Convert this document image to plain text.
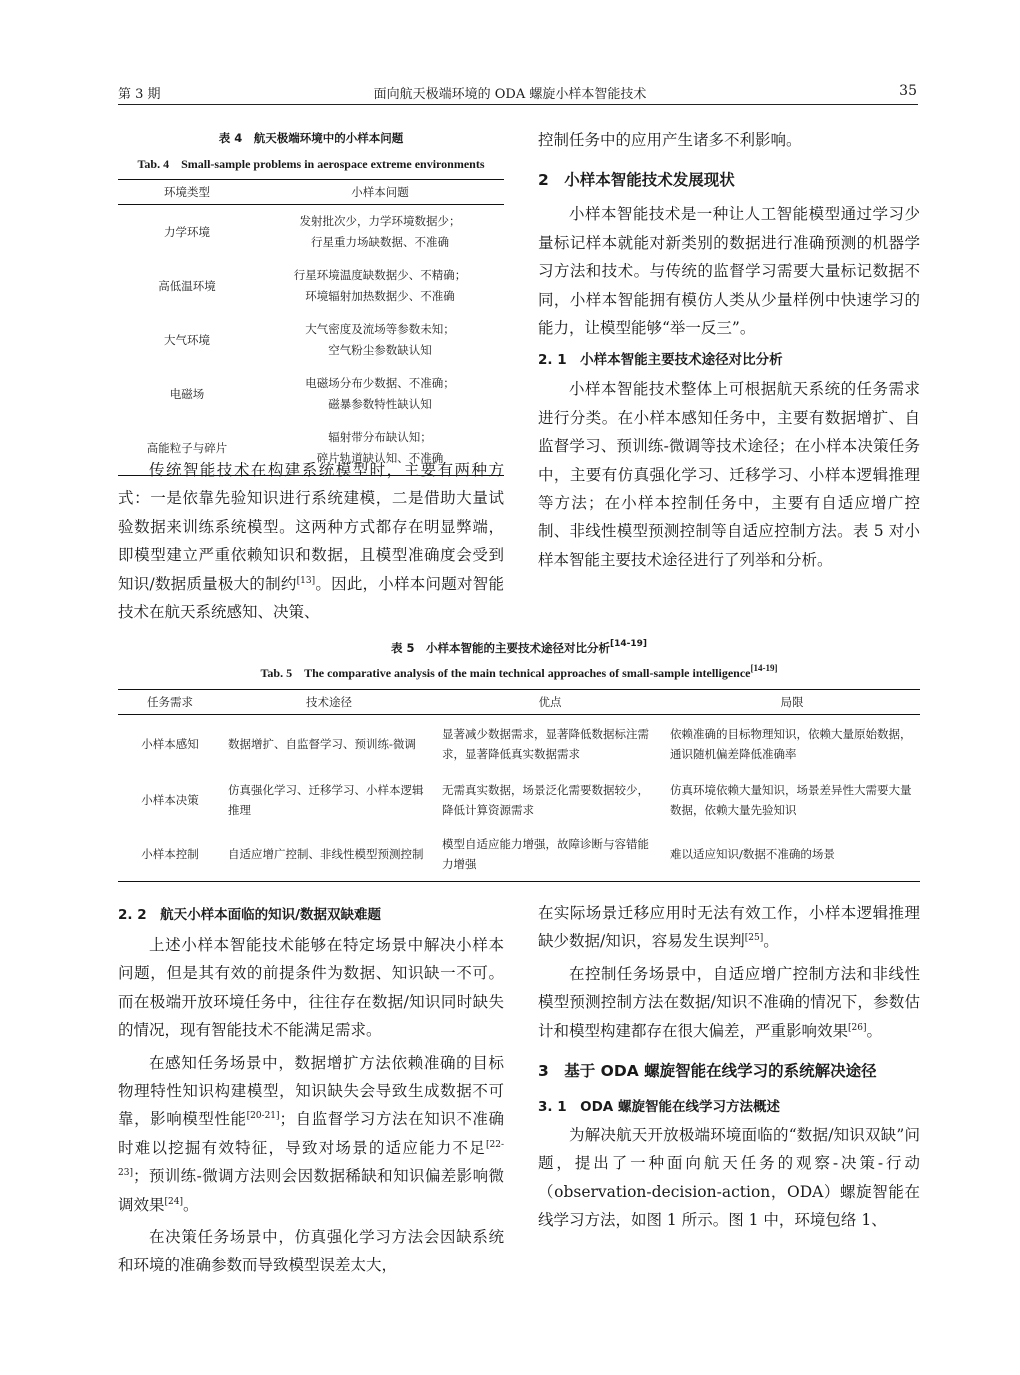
第 3 期	面向航天极端环境的 ODA 螺旋小样本智能技术	35
表 4　航天极端环境中的小样本问题
Tab. 4　Small-sample problems in aerospace extreme environments
环境类型	小样本问题
力学环境	发射批次少，力学环境数据少；
行星重力场缺数据、不准确

高低温环境	行星环境温度缺数据少、不精确；
环境辐射加热数据少、不准确

大气环境	大气密度及流场等参数未知；
空气粉尘参数缺认知

电磁场	电磁场分布少数据、不准确；
磁暴参数特性缺认知

高能粒子与碎片	辐射带分布缺认知；
碎片轨道缺认知、不准确

传统智能技术在构建系统模型时，主要有两种方式：一是依靠先验知识进行系统建模，二是借助大量试验数据来训练系统模型。这两种方式都存在明显弊端，即模型建立严重依赖知识和数据，且模型准确度会受到知识/数据质量极大的制约[13]。因此，小样本问题对智能技术在航天系统感知、决策、

控制任务中的应用产生诸多不利影响。

2　小样本智能技术发展现状

小样本智能技术是一种让人工智能模型通过学习少量标记样本就能对新类别的数据进行准确预测的机器学习方法和技术。与传统的监督学习需要大量标记数据不同，小样本智能拥有模仿人类从少量样例中快速学习的能力，让模型能够“举一反三”。

2. 1　小样本智能主要技术途径对比分析

小样本智能技术整体上可根据航天系统的任务需求进行分类。在小样本感知任务中，主要有数据增扩、自监督学习、预训练-微调等技术途径；在小样本决策任务中，主要有仿真强化学习、迁移学习、小样本逻辑推理等方法；在小样本控制任务中，主要有自适应增广控制、非线性模型预测控制等自适应控制方法。表 5 对小样本智能主要技术途径进行了列举和分析。

表 5　小样本智能的主要技术途径对比分析[14-19]
Tab. 5　The comparative analysis of the main technical approaches of small-sample intelligence[14-19]
任务需求	技术途径	优点	局限
小样本感知	数据增扩、自监督学习、预训练-微调	显著减少数据需求，显著降低数据标注需求，显著降低真实数据需求	依赖准确的目标物理知识，依赖大量原始数据，通识随机偏差降低准确率
小样本决策	仿真强化学习、迁移学习、小样本逻辑推理	无需真实数据，场景泛化需要数据较少，降低计算资源需求	仿真环境依赖大量知识，场景差异性大需要大量数据，依赖大量先验知识
小样本控制	自适应增广控制、非线性模型预测控制	模型自适应能力增强，故障诊断与容错能力增强	难以适应知识/数据不准确的场景
2. 2　航天小样本面临的知识/数据双缺难题

上述小样本智能技术能够在特定场景中解决小样本问题，但是其有效的前提条件为数据、知识缺一不可。而在极端开放环境任务中，往往存在数据/知识同时缺失的情况，现有智能技术不能满足需求。

在感知任务场景中，数据增扩方法依赖准确的目标物理特性知识构建模型，知识缺失会导致生成数据不可靠，影响模型性能[20-21]；自监督学习方法在知识不准确时难以挖掘有效特征，导致对场景的适应能力不足[22-23]；预训练-微调方法则会因数据稀缺和知识偏差影响微调效果[24]。

在决策任务场景中，仿真强化学习方法会因缺系统和环境的准确参数而导致模型误差太大，

在实际场景迁移应用时无法有效工作，小样本逻辑推理缺少数据/知识，容易发生误判[25]。

在控制任务场景中，自适应增广控制方法和非线性模型预测控制方法在数据/知识不准确的情况下，参数估计和模型构建都存在很大偏差，严重影响效果[26]。

3　基于 ODA 螺旋智能在线学习的系统解决途径
3. 1　ODA 螺旋智能在线学习方法概述

为解决航天开放极端环境面临的“数据/知识双缺”问题，提出了一种面向航天任务的观察-决策-行动（observation-decision-action，ODA）螺旋智能在线学习方法，如图 1 所示。图 1 中，环境包络 1、
